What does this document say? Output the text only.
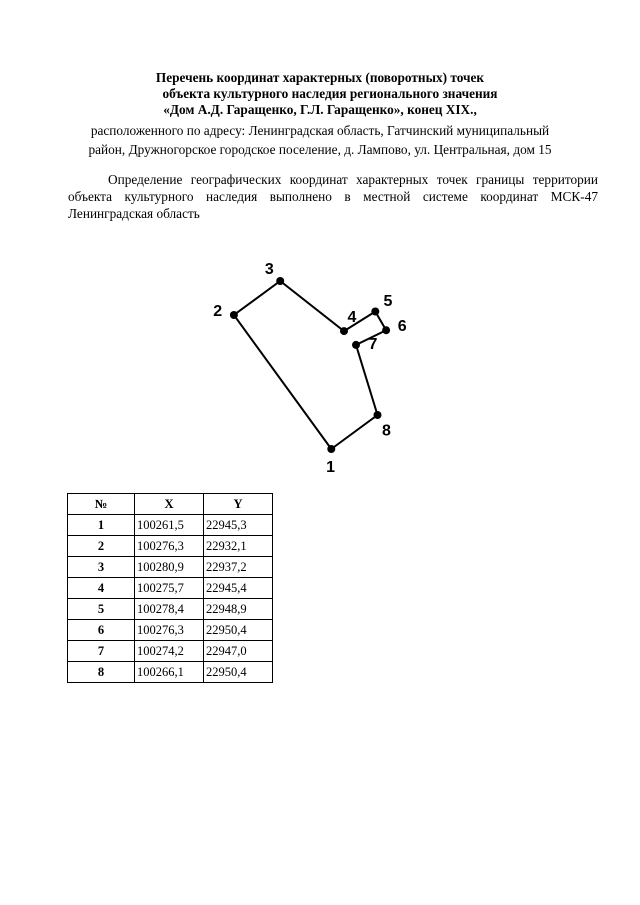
Перечень координат характерных (поворотных) точек

объекта культурного наследия регионального значения

«Дом А.Д. Гаращенко, Г.Л. Гаращенко», конец XIX.,

расположенного по адресу: Ленинградская область, Гатчинский муниципальный
район, Дружногорское городское поселение, д. Лампово, ул. Центральная, дом 15

Определение географических координат характерных точек границы территории объекта культурного наследия выполнено в местной системе координат МСК-47 Ленинградская область

1
2
3
4
5
6
7
8
№	X	Y
1	100261,5	22945,3
2	100276,3	22932,1
3	100280,9	22937,2
4	100275,7	22945,4
5	100278,4	22948,9
6	100276,3	22950,4
7	100274,2	22947,0
8	100266,1	22950,4
